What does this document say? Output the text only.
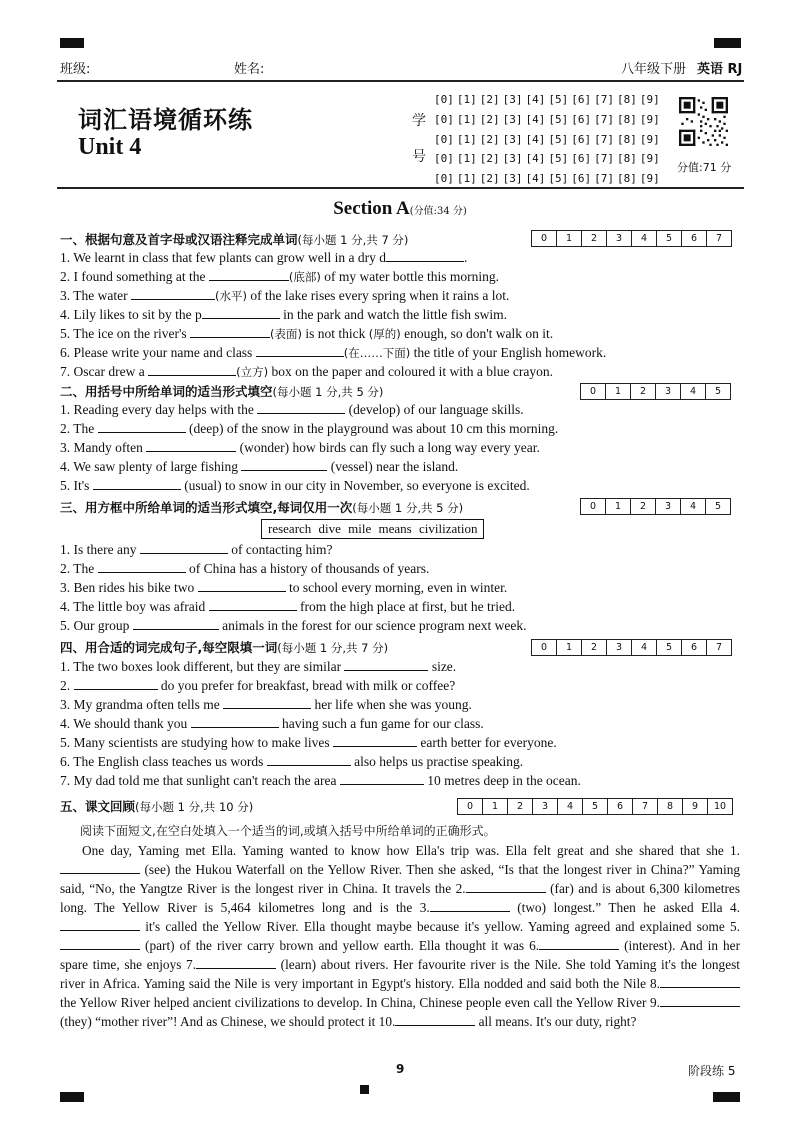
班级:	姓名:	八年级下册 英语 RJ
词汇语境循环练
Unit 4
学
号
[0] [1] [2] [3] [4] [5] [6] [7] [8] [9]
[0] [1] [2] [3] [4] [5] [6] [7] [8] [9]
[0] [1] [2] [3] [4] [5] [6] [7] [8] [9]
[0] [1] [2] [3] [4] [5] [6] [7] [8] [9]
[0] [1] [2] [3] [4] [5] [6] [7] [8] [9]
分值:71 分
Section A(分值:34 分)
一、根据句意及首字母或汉语注释完成单词(每小题 1 分,共 7 分)	0	1	2	3	4	5	6	7
1. We learnt in class that few plants can grow well in a dry d	.
2. I found something at the	(底部) of my water bottle this morning.
3. The water	(水平) of the lake rises every spring when it rains a lot.
4. Lily likes to sit by the p	in the park and watch the little fish swim.
5. The ice on the river's	(表面) is not thick (厚的) enough, so don't walk on it.
6. Please write your name and class	(在……下面) the title of your English homework.
7. Oscar drew a	(立方) box on the paper and coloured it with a blue crayon.
二、用括号中所给单词的适当形式填空(每小题 1 分,共 5 分)	0	1	2	3	4	5
1. Reading every day helps with the	(develop) of our language skills.
2. The	(deep) of the snow in the playground was about 10 cm this morning.
3. Mandy often	(wonder) how birds can fly such a long way every year.
4. We saw plenty of large fishing	(vessel) near the island.
5. It's	(usual) to snow in our city in November, so everyone is excited.
三、用方框中所给单词的适当形式填空,每词仅用一次(每小题 1 分,共 5 分)	0	1	2	3	4	5
research dive mile means civilization
1. Is there any	of contacting him?
2. The	of China has a history of thousands of years.
3. Ben rides his bike two	to school every morning, even in winter.
4. The little boy was afraid	from the high place at first, but he tried.
5. Our group	animals in the forest for our science program next week.
四、用合适的词完成句子,每空限填一词(每小题 1 分,共 7 分)	0	1	2	3	4	5	6	7
1. The two boxes look different, but they are similar	size.
2.	do you prefer for breakfast, bread with milk or coffee?
3. My grandma often tells me	her life when she was young.
4. We should thank you	having such a fun game for our class.
5. Many scientists are studying how to make lives	earth better for everyone.
6. The English class teaches us words	also helps us practise speaking.
7. My dad told me that sunlight can't reach the area	10 metres deep in the ocean.
五、课文回顾(每小题 1 分,共 10 分)	0	1	2	3	4	5	6	7	8	9	10
阅读下面短文,在空白处填入一个适当的词,或填入括号中所给单词的正确形式。
One day, Yaming met Ella. Yaming wanted to know how Ella's trip was. Ella felt great and she shared that she 1. (see) the Hukou Waterfall on the Yellow River. Then she asked, “Is that the longest river in China?” Yaming said, “No, the Yangtze River is the longest river in China. It travels the 2.	(far) and is about 6,300 kilometres long. The Yellow River is 5,464 kilometres long and is the 3.	(two) longest.” Then he asked Ella 4. it's called the Yellow River. Ella thought maybe because it's yellow. Yaming agreed and explained some 5. (part) of the river carry brown and yellow earth. Ella thought it was 6.	(interest). And in her spare time, she enjoys 7.	(learn) about rivers. Her favourite river is the Nile. She told Yaming it's the longest river in Africa. Yaming said the Nile is very important in Egypt's history. Ella nodded and said both the Nile 8. the Yellow River helped ancient civilizations to develop. In China, Chinese people even call the Yellow River 9. (they) “mother river”! And as Chinese, we should protect it 10.	all means. It's our duty, right?
9	阶段练 5
